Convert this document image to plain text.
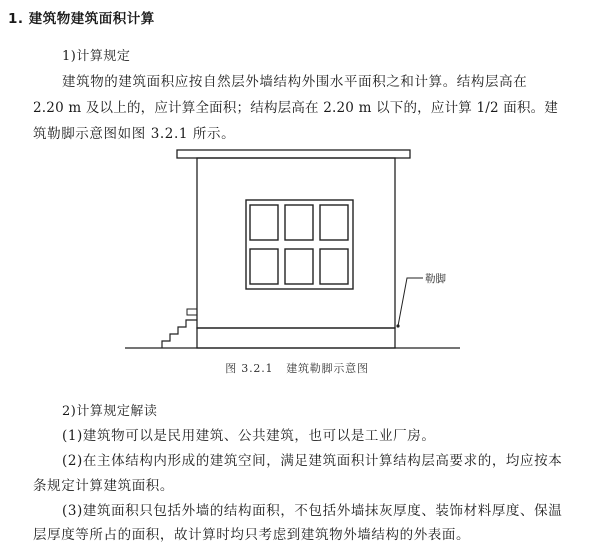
1. 建筑物建筑面积计算
1)计算规定
建筑物的建筑面积应按自然层外墙结构外围水平面积之和计算。结构层高在
2.20 m 及以上的，应计算全面积；结构层高在 2.20 m 以下的，应计算 1/2 面积。建
筑勒脚示意图如图 3.2.1 所示。
勒脚
图 3.2.1 建筑勒脚示意图
2)计算规定解读
(1)建筑物可以是民用建筑、公共建筑，也可以是工业厂房。
(2)在主体结构内形成的建筑空间，满足建筑面积计算结构层高要求的，均应按本
条规定计算建筑面积。
(3)建筑面积只包括外墙的结构面积，不包括外墙抹灰厚度、装饰材料厚度、保温
层厚度等所占的面积，故计算时均只考虑到建筑物外墙结构的外表面。
